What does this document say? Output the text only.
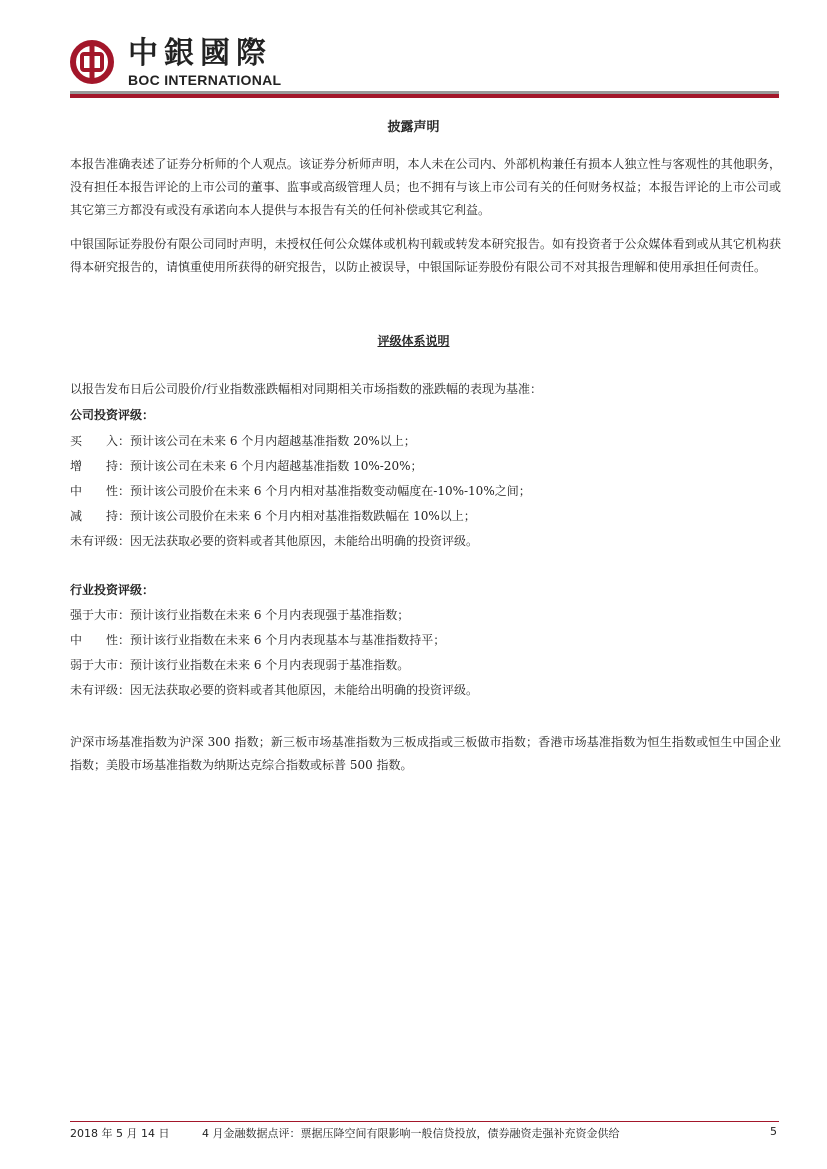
中銀國際
BOC INTERNATIONAL
披露声明

本报告准确表述了证券分析师的个人观点。该证券分析师声明，本人未在公司内、外部机构兼任有损本人独立性与客观性的其他职务，没有担任本报告评论的上市公司的董事、监事或高级管理人员；也不拥有与该上市公司有关的任何财务权益；本报告评论的上市公司或其它第三方都没有或没有承诺向本人提供与本报告有关的任何补偿或其它利益。

中银国际证券股份有限公司同时声明，未授权任何公众媒体或机构刊载或转发本研究报告。如有投资者于公众媒体看到或从其它机构获得本研究报告的，请慎重使用所获得的研究报告，以防止被误导，中银国际证券股份有限公司不对其报告理解和使用承担任何责任。

评级体系说明
以报告发布日后公司股价/行业指数涨跌幅相对同期相关市场指数的涨跌幅的表现为基准：
公司投资评级：
买　　入：预计该公司在未来 6 个月内超越基准指数 20%以上；
增　　持：预计该公司在未来 6 个月内超越基准指数 10%-20%；
中　　性：预计该公司股价在未来 6 个月内相对基准指数变动幅度在-10%-10%之间；
减　　持：预计该公司股价在未来 6 个月内相对基准指数跌幅在 10%以上；
未有评级：因无法获取必要的资料或者其他原因，未能给出明确的投资评级。
行业投资评级：
强于大市：预计该行业指数在未来 6 个月内表现强于基准指数；
中　　性：预计该行业指数在未来 6 个月内表现基本与基准指数持平；
弱于大市：预计该行业指数在未来 6 个月内表现弱于基准指数。
未有评级：因无法获取必要的资料或者其他原因，未能给出明确的投资评级。

沪深市场基准指数为沪深 300 指数；新三板市场基准指数为三板成指或三板做市指数；香港市场基准指数为恒生指数或恒生中国企业指数；美股市场基准指数为纳斯达克综合指数或标普 500 指数。

2018 年 5 月 14 日	4 月金融数据点评：票据压降空间有限影响一般信贷投放，债券融资走强补充资金供给	5
